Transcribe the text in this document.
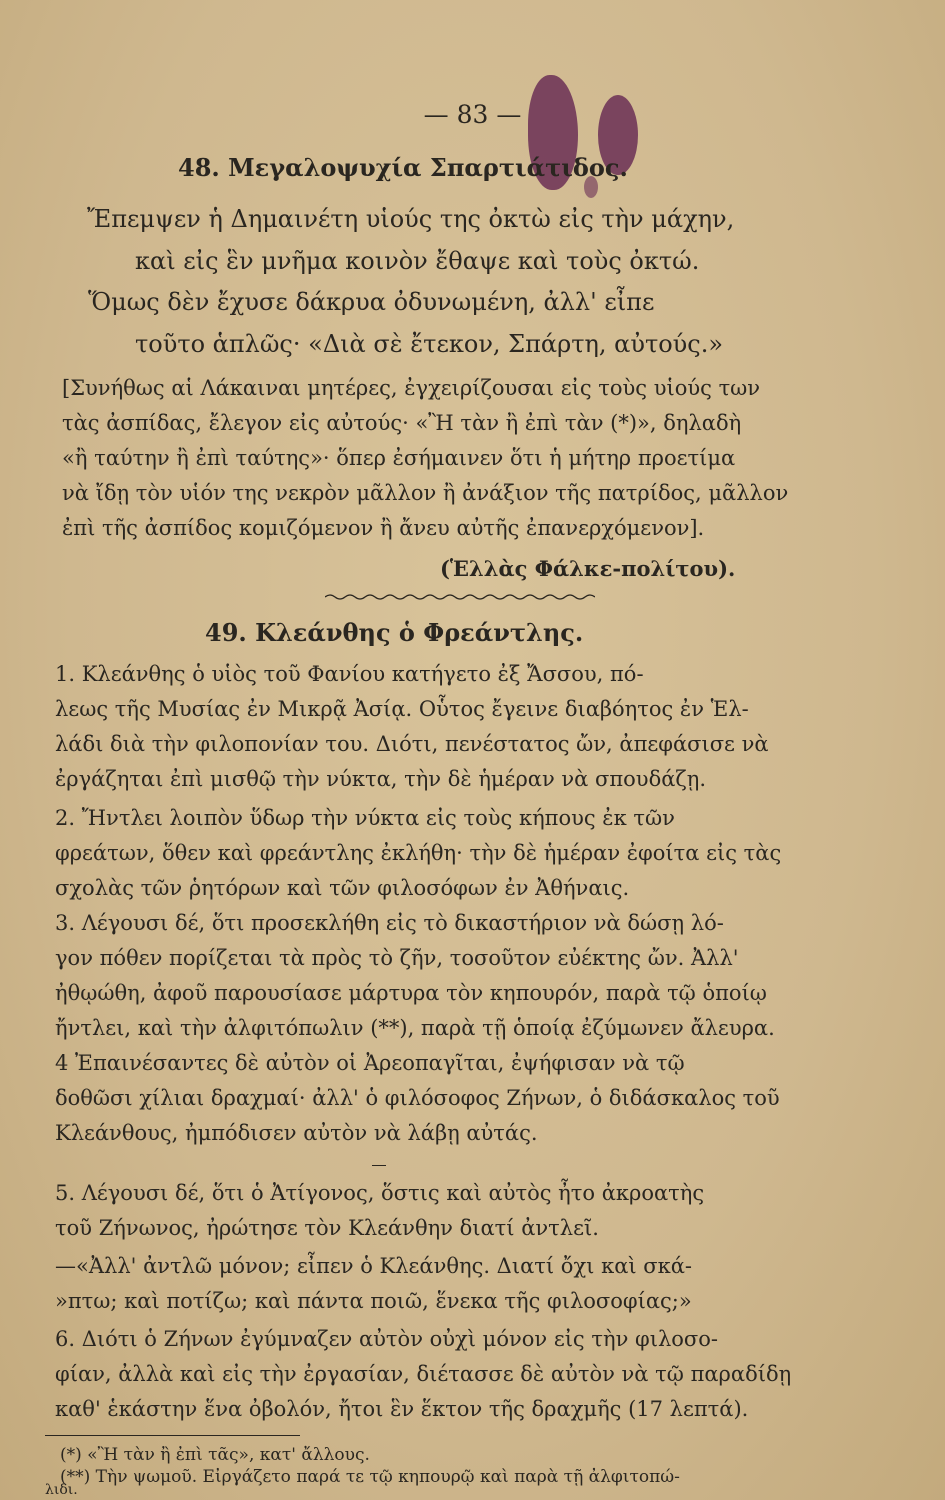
— 83 —
48. Μεγαλοψυχία Σπαρτιάτιδος.
Ἔπεμψεν ἡ Δημαινέτη υἱούς της ὀκτὼ εἰς τὴν μάχην,
καὶ εἰς ἓν μνῆμα κοινὸν ἔθαψε καὶ τοὺς ὀκτώ.
Ὅμως δὲν ἔχυσε δάκρυα ὀδυνωμένη, ἀλλ' εἶπε
τοῦτο ἁπλῶς· «Διὰ σὲ ἔτεκον, Σπάρτη, αὐτούς.»
[Συνήθως αἱ Λάκαιναι μητέρες, ἐγχειρίζουσαι εἰς τοὺς υἱούς των
τὰς ἀσπίδας, ἔλεγον εἰς αὐτούς· «Ἢ τὰν ἢ ἐπὶ τὰν (*)», δηλαδὴ
«ἢ ταύτην ἢ ἐπὶ ταύτης»· ὅπερ ἐσήμαινεν ὅτι ἡ μήτηρ προετίμα
νὰ ἴδῃ τὸν υἱόν της νεκρὸν μᾶλλον ἢ ἀνάξιον τῆς πατρίδος, μᾶλλον
ἐπὶ τῆς ἀσπίδος κομιζόμενον ἢ ἄνευ αὐτῆς ἐπανερχόμενον].
(Ἑλλὰς Φάλκε-πολίτου).
49. Κλεάνθης ὁ Φρεάντλης.
1. Κλεάνθης ὁ υἱὸς τοῦ Φανίου κατήγετο ἐξ Ἄσσου, πό-
λεως τῆς Μυσίας ἐν Μικρᾷ Ἀσίᾳ. Οὗτος ἔγεινε διαβόητος ἐν Ἑλ-
λάδι διὰ τὴν φιλοπονίαν του. Διότι, πενέστατος ὤν, ἀπεφάσισε νὰ
ἐργάζηται ἐπὶ μισθῷ τὴν νύκτα, τὴν δὲ ἡμέραν νὰ σπουδάζῃ.
2. Ἤντλει λοιπὸν ὕδωρ τὴν νύκτα εἰς τοὺς κήπους ἐκ τῶν
φρεάτων, ὅθεν καὶ φρεάντλης ἐκλήθη· τὴν δὲ ἡμέραν ἐφοίτα εἰς τὰς
σχολὰς τῶν ῥητόρων καὶ τῶν φιλοσόφων ἐν Ἀθήναις.
3. Λέγουσι δέ, ὅτι προσεκλήθη εἰς τὸ δικαστήριον νὰ δώσῃ λό-
γον πόθεν πορίζεται τὰ πρὸς τὸ ζῆν, τοσοῦτον εὐέκτης ὤν. Ἀλλ'
ἠθῳώθη, ἀφοῦ παρουσίασε μάρτυρα τὸν κηπουρόν, παρὰ τῷ ὁποίῳ
ἤντλει, καὶ τὴν ἀλφιτόπωλιν (**), παρὰ τῇ ὁποίᾳ ἐζύμωνεν ἄλευρα.
4 Ἐπαινέσαντες δὲ αὐτὸν οἱ Ἀρεοπαγῖται, ἐψήφισαν νὰ τῷ
δοθῶσι χίλιαι δραχμαί· ἀλλ' ὁ φιλόσοφος Ζήνων, ὁ διδάσκαλος τοῦ
Κλεάνθους, ἠμπόδισεν αὐτὸν νὰ λάβῃ αὐτάς.
5. Λέγουσι δέ, ὅτι ὁ Ἀτίγονος, ὅστις καὶ αὐτὸς ἦτο ἀκροατὴς
τοῦ Ζήνωνος, ἠρώτησε τὸν Κλεάνθην διατί ἀντλεῖ.
—«Ἀλλ' ἀντλῶ μόνον; εἶπεν ὁ Κλεάνθης. Διατί ὄχι καὶ σκά-
»πτω; καὶ ποτίζω; καὶ πάντα ποιῶ, ἕνεκα τῆς φιλοσοφίας;»
6. Διότι ὁ Ζήνων ἐγύμναζεν αὐτὸν οὐχὶ μόνον εἰς τὴν φιλοσο-
φίαν, ἀλλὰ καὶ εἰς τὴν ἐργασίαν, διέτασσε δὲ αὐτὸν νὰ τῷ παραδίδῃ
καθ' ἑκάστην ἕνα ὀβολόν, ἤτοι ἓν ἕκτον τῆς δραχμῆς (17 λεπτά).
(*) «Ἢ τὰν ἢ ἐπὶ τᾶς», κατ' ἄλλους.
(**) Τὴν ψωμοῦ. Εἰργάζετο παρά τε τῷ κηπουρῷ καὶ παρὰ τῇ ἀλφιτοπώ-
λιδι.
